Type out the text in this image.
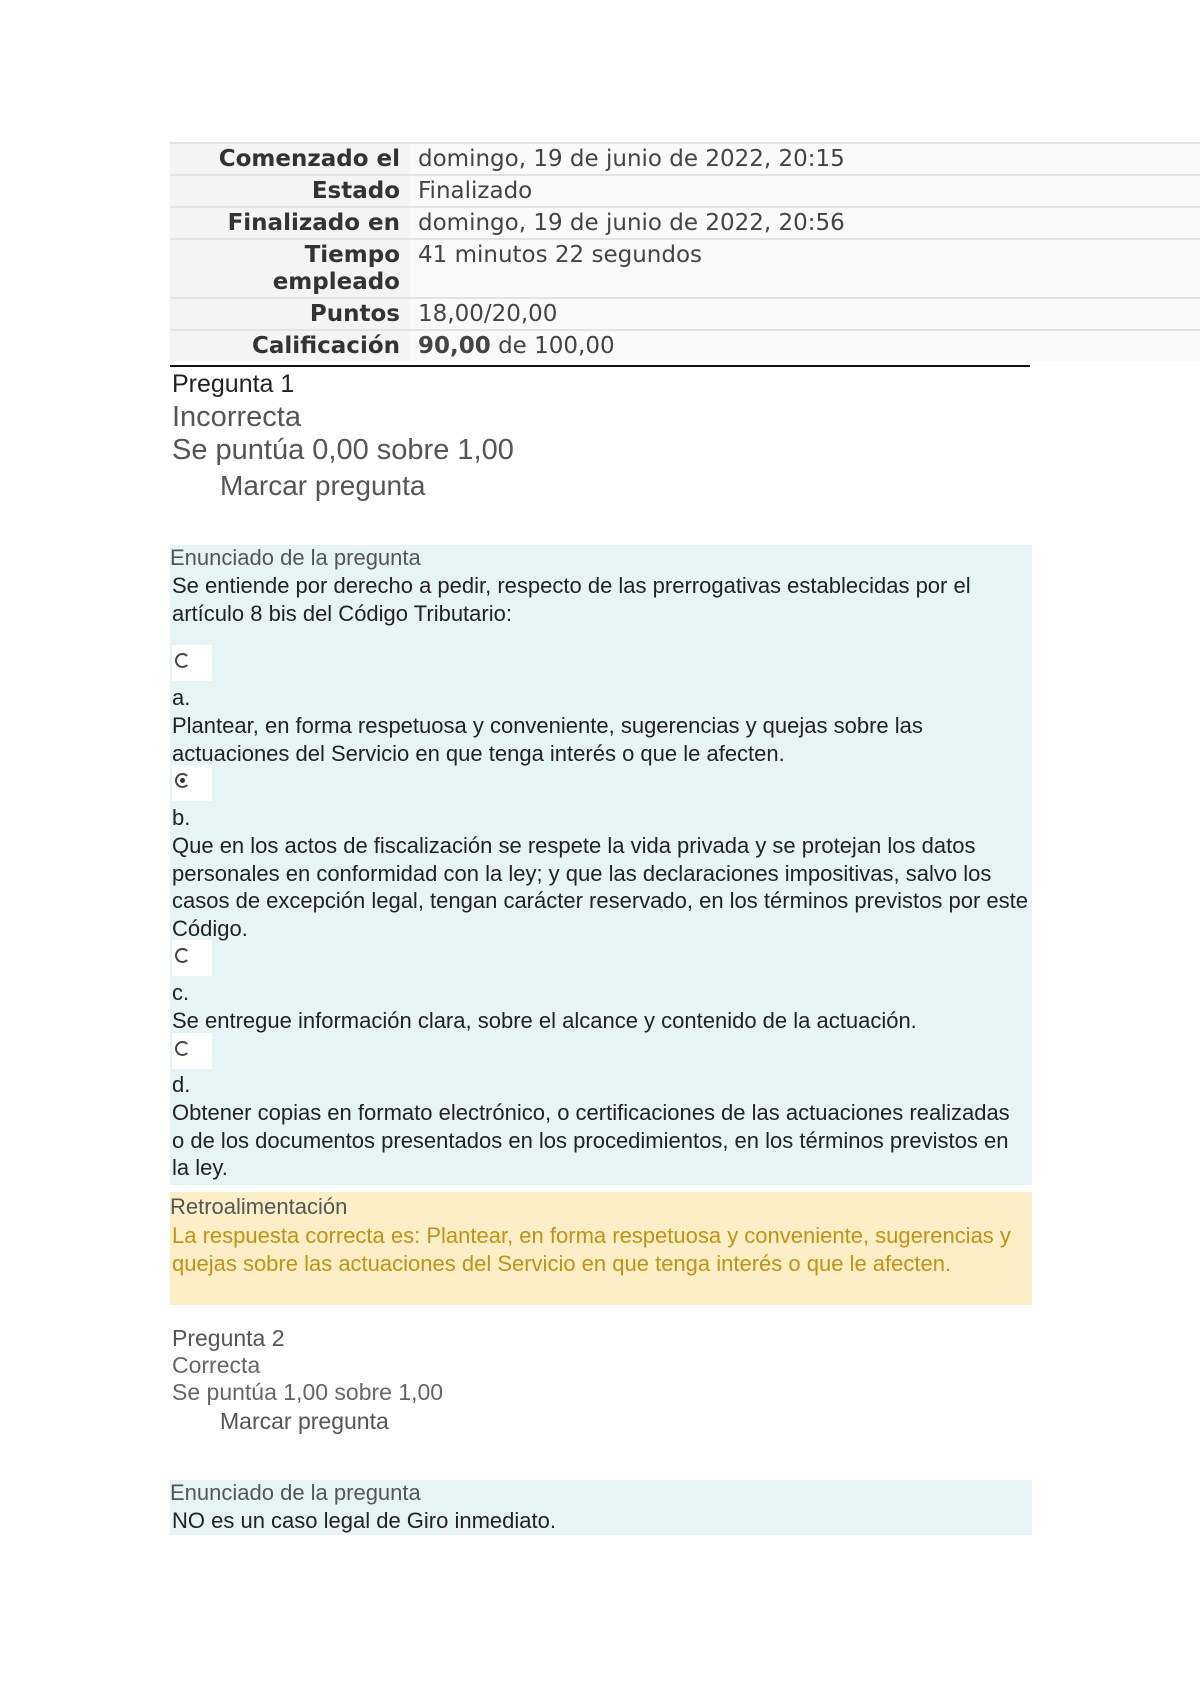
Comenzado el	domingo, 19 de junio de 2022, 20:15
Estado	Finalizado
Finalizado en	domingo, 19 de junio de 2022, 20:56
Tiempo empleado	41 minutos 22 segundos
Puntos	18,00/20,00
Calificación	90,00 de 100,00
Pregunta 1
Incorrecta
Se puntúa 0,00 sobre 1,00
Marcar pregunta
Enunciado de la pregunta
Se entiende por derecho a pedir, respecto de las prerrogativas establecidas por el artículo 8 bis del Código Tributario:
a.
Plantear, en forma respetuosa y conveniente, sugerencias y quejas sobre las actuaciones del Servicio en que tenga interés o que le afecten.
b.
Que en los actos de fiscalización se respete la vida privada y se protejan los datos personales en conformidad con la ley; y que las declaraciones impositivas, salvo los casos de excepción legal, tengan carácter reservado, en los términos previstos por este Código.
c.
Se entregue información clara, sobre el alcance y contenido de la actuación.
d.
Obtener copias en formato electrónico, o certificaciones de las actuaciones realizadas o de los documentos presentados en los procedimientos, en los términos previstos en la ley.
Retroalimentación
La respuesta correcta es: Plantear, en forma respetuosa y conveniente, sugerencias y quejas sobre las actuaciones del Servicio en que tenga interés o que le afecten.
Pregunta 2
Correcta
Se puntúa 1,00 sobre 1,00
Marcar pregunta
Enunciado de la pregunta
NO es un caso legal de Giro inmediato.
